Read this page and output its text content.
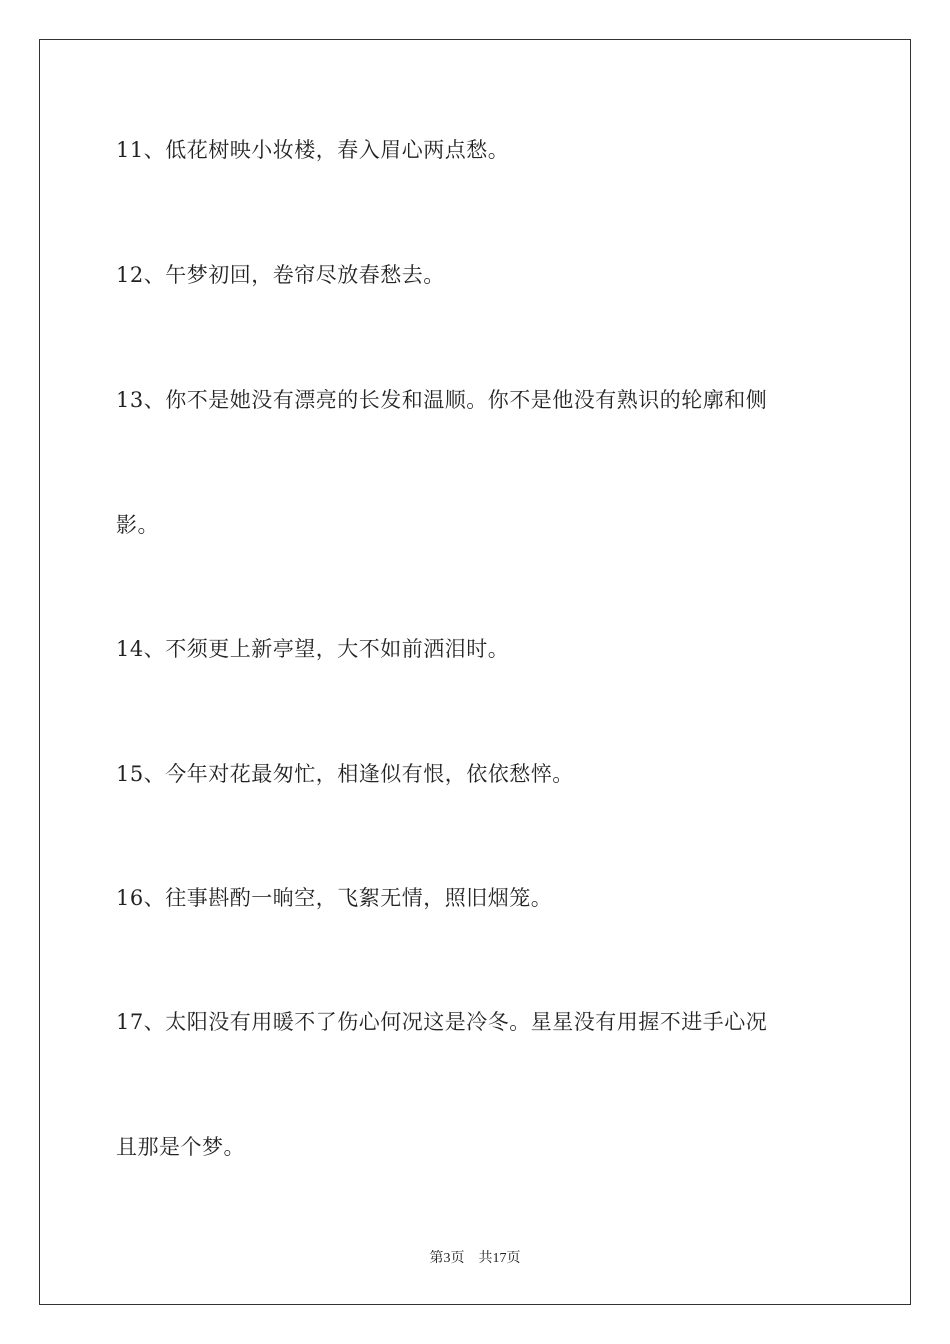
11、低花树映小妆楼，春入眉心两点愁。
12、午梦初回，卷帘尽放春愁去。
13、你不是她没有漂亮的长发和温顺。你不是他没有熟识的轮廓和侧
影。
14、不须更上新亭望，大不如前洒泪时。
15、今年对花最匆忙，相逢似有恨，依依愁悴。
16、往事斟酌一晌空，飞絮无情，照旧烟笼。
17、太阳没有用暖不了伤心何况这是冷冬。星星没有用握不进手心况
且那是个梦。
第3页 共17页
